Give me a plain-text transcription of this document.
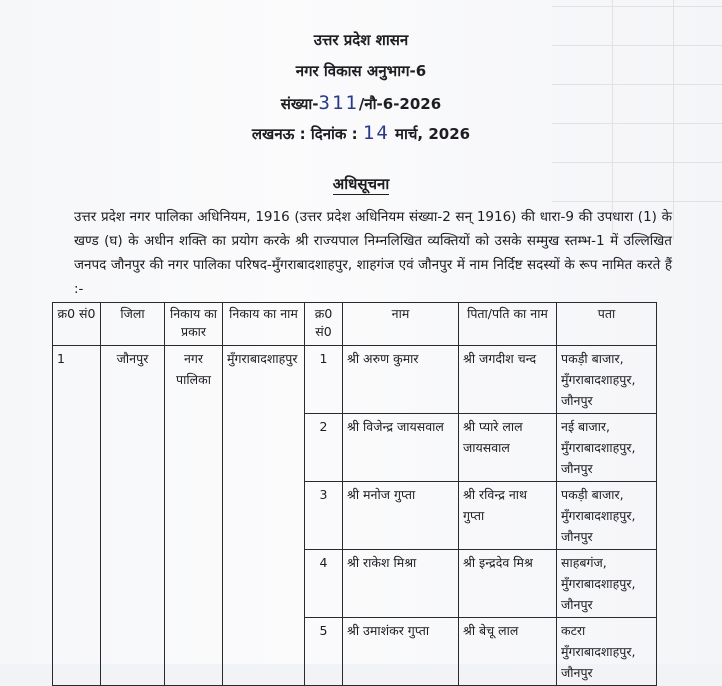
उत्तर प्रदेश शासन
नगर विकास अनुभाग-6
संख्या-311/नौ-6-2026
लखनऊ : दिनांक : 14 मार्च, 2026
अधिसूचना
उत्तर प्रदेश नगर पालिका अधिनियम, 1916 (उत्तर प्रदेश अधिनियम संख्या-2 सन् 1916) की धारा-9 की उपधारा (1) के खण्ड (घ) के अधीन शक्ति का प्रयोग करके श्री राज्यपाल निम्नलिखित व्यक्तियों को उसके सम्मुख स्तम्भ-1 में उल्लिखित जनपद जौनपुर की नगर पालिका परिषद-मुँगराबादशाहपुर, शाहगंज एवं जौनपुर में नाम निर्दिष्ट सदस्यों के रूप नामित करते हैं :-
क्र0 सं0	जिला	निकाय का प्रकार	निकाय का नाम	क्र0 सं0	नाम	पिता/पति का नाम	पता
1	जौनपुर	नगर पालिका	मुँगराबादशाहपुर	1	श्री अरुण कुमार	श्री जगदीश चन्द	पकड़ी बाजार, मुँगराबादशाहपुर, जौनपुर
				2	श्री विजेन्द्र जायसवाल	श्री प्यारे लाल जायसवाल	नई बाजार, मुँगराबादशाहपुर, जौनपुर
				3	श्री मनोज गुप्ता	श्री रविन्द्र नाथ गुप्ता	पकड़ी बाजार, मुँगराबादशाहपुर, जौनपुर
				4	श्री राकेश मिश्रा	श्री इन्द्रदेव मिश्र	साहबगंज, मुँगराबादशाहपुर, जौनपुर
				5	श्री उमाशंकर गुप्ता	श्री बेचू लाल	कटरा मुँगराबादशाहपुर, जौनपुर
